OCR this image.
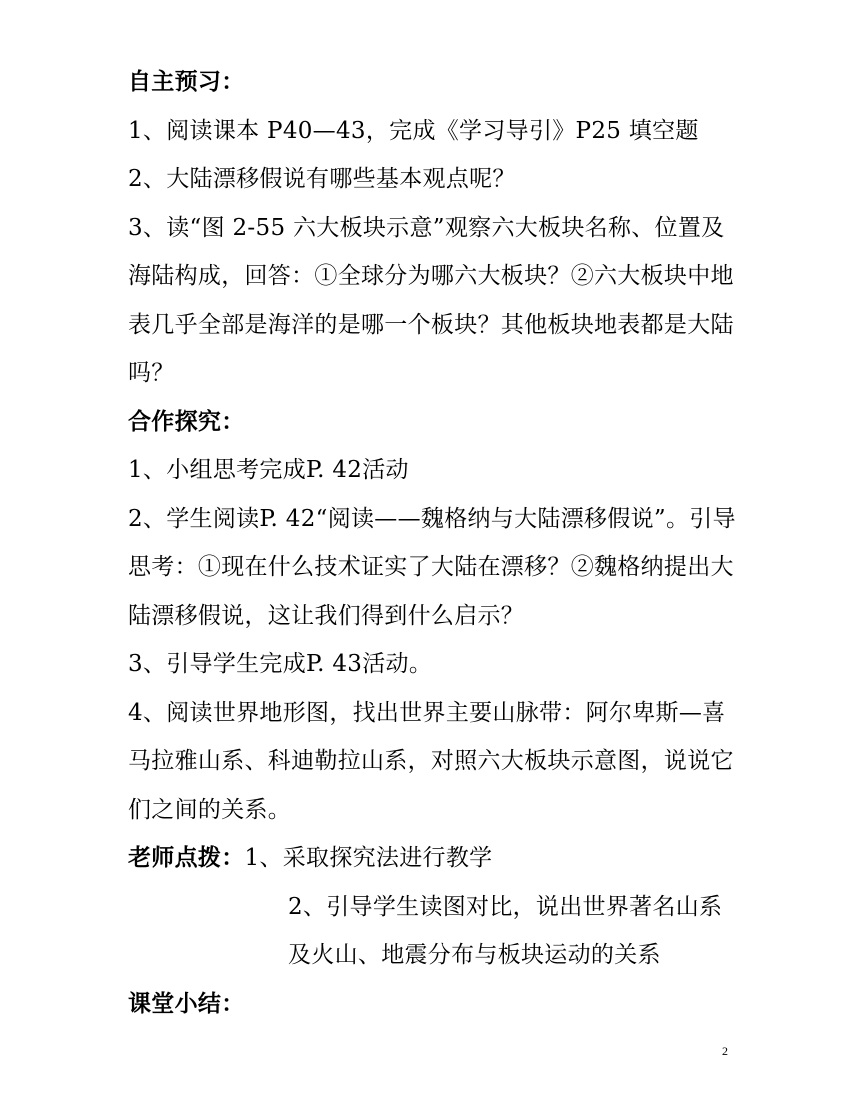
自主预习：

1、阅读课本 P40—43，完成《学习导引》P25 填空题

2、大陆漂移假说有哪些基本观点呢？

3、读“图 2-55 六大板块示意”观察六大板块名称、位置及海陆构成，回答：①全球分为哪六大板块？②六大板块中地表几乎全部是海洋的是哪一个板块？其他板块地表都是大陆吗？

合作探究：

1、小组思考完成P. 42活动

2、学生阅读P. 42“阅读——魏格纳与大陆漂移假说”。引导思考：①现在什么技术证实了大陆在漂移？②魏格纳提出大陆漂移假说，这让我们得到什么启示？

3、引导学生完成P. 43活动。

4、阅读世界地形图，找出世界主要山脉带：阿尔卑斯—喜马拉雅山系、科迪勒拉山系，对照六大板块示意图，说说它们之间的关系。

老师点拨：1、采取探究法进行教学

2、引导学生读图对比，说出世界著名山系及火山、地震分布与板块运动的关系

课堂小结：

2
